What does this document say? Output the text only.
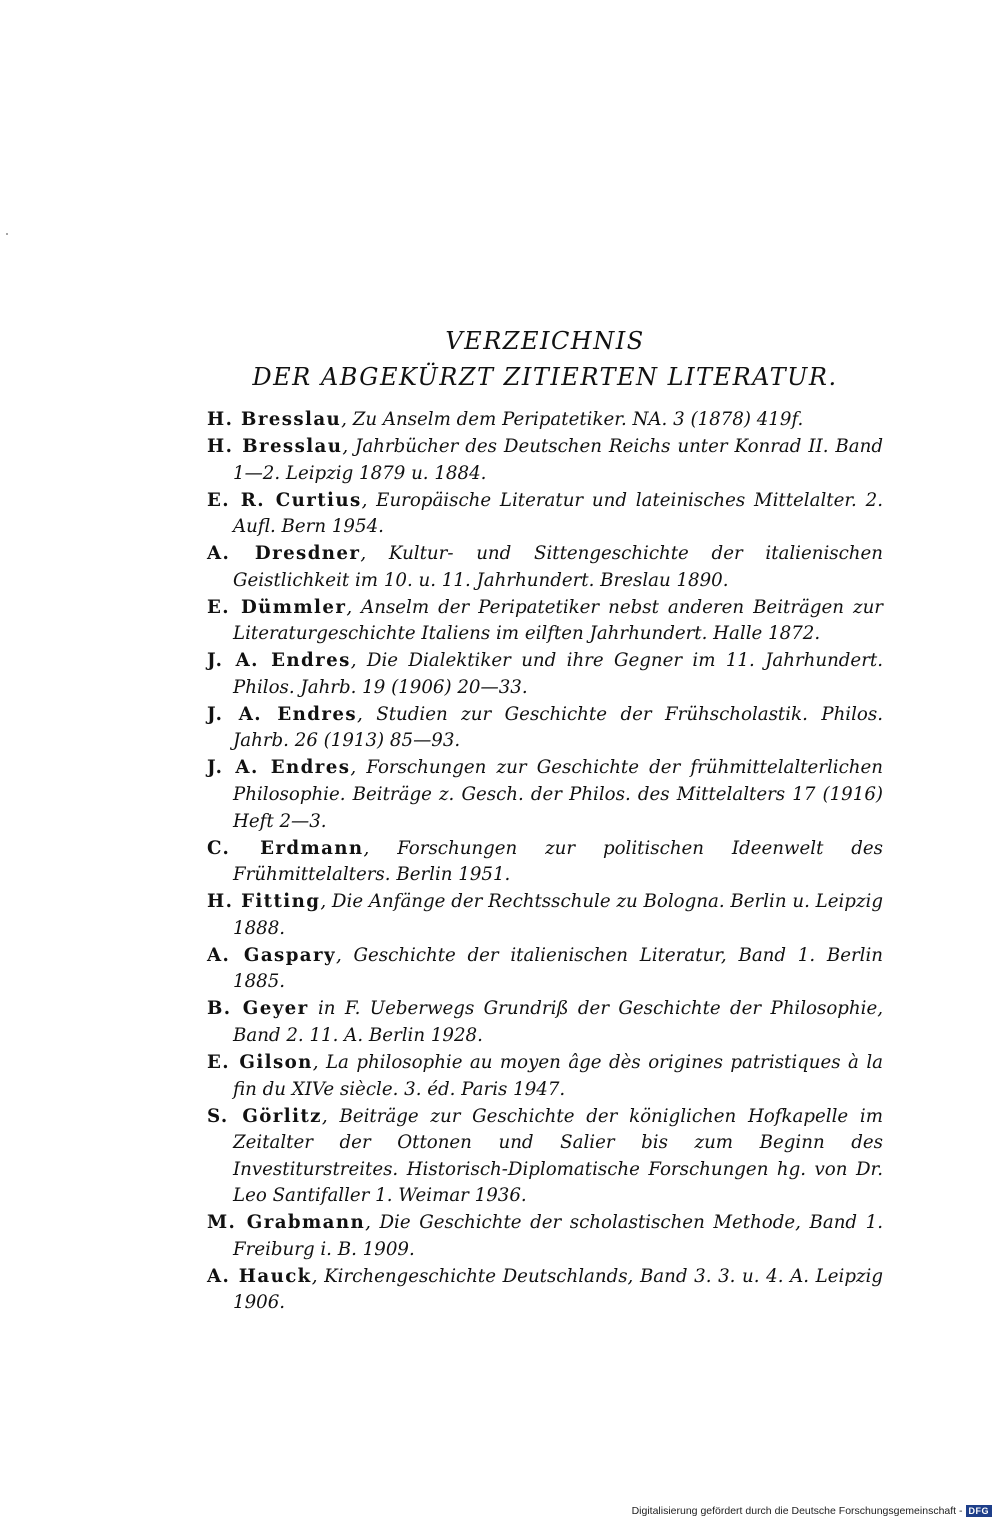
VERZEICHNIS
DER ABGEKÜRZT ZITIERTEN LITERATUR.
H. Bresslau, Zu Anselm dem Peripatetiker. NA. 3 (1878) 419f.
H. Bresslau, Jahrbücher des Deutschen Reichs unter Konrad II. Band 1—2. Leipzig 1879 u. 1884.
E. R. Curtius, Europäische Literatur und lateinisches Mittelalter. 2. Aufl. Bern 1954.
A. Dresdner, Kultur- und Sittengeschichte der italienischen Geistlichkeit im 10. u. 11. Jahrhundert. Breslau 1890.
E. Dümmler, Anselm der Peripatetiker nebst anderen Beiträgen zur Literaturgeschichte Italiens im eilften Jahrhundert. Halle 1872.
J. A. Endres, Die Dialektiker und ihre Gegner im 11. Jahrhundert. Philos. Jahrb. 19 (1906) 20—33.
J. A. Endres, Studien zur Geschichte der Frühscholastik. Philos. Jahrb. 26 (1913) 85—93.
J. A. Endres, Forschungen zur Geschichte der frühmittelalterlichen Philosophie. Beiträge z. Gesch. der Philos. des Mittelalters 17 (1916) Heft 2—3.
C. Erdmann, Forschungen zur politischen Ideenwelt des Frühmittelalters. Berlin 1951.
H. Fitting, Die Anfänge der Rechtsschule zu Bologna. Berlin u. Leipzig 1888.
A. Gaspary, Geschichte der italienischen Literatur, Band 1. Berlin 1885.
B. Geyer in F. Ueberwegs Grundriß der Geschichte der Philosophie, Band 2. 11. A. Berlin 1928.
E. Gilson, La philosophie au moyen âge dès origines patristiques à la fin du XIVe siècle. 3. éd. Paris 1947.
S. Görlitz, Beiträge zur Geschichte der königlichen Hofkapelle im Zeitalter der Ottonen und Salier bis zum Beginn des Investiturstreites. Historisch-Diplomatische Forschungen hg. von Dr. Leo Santifaller 1. Weimar 1936.
M. Grabmann, Die Geschichte der scholastischen Methode, Band 1. Freiburg i. B. 1909.
A. Hauck, Kirchengeschichte Deutschlands, Band 3. 3. u. 4. A. Leipzig 1906.
Digitalisierung gefördert durch die Deutsche Forschungsgemeinschaft - DFG
